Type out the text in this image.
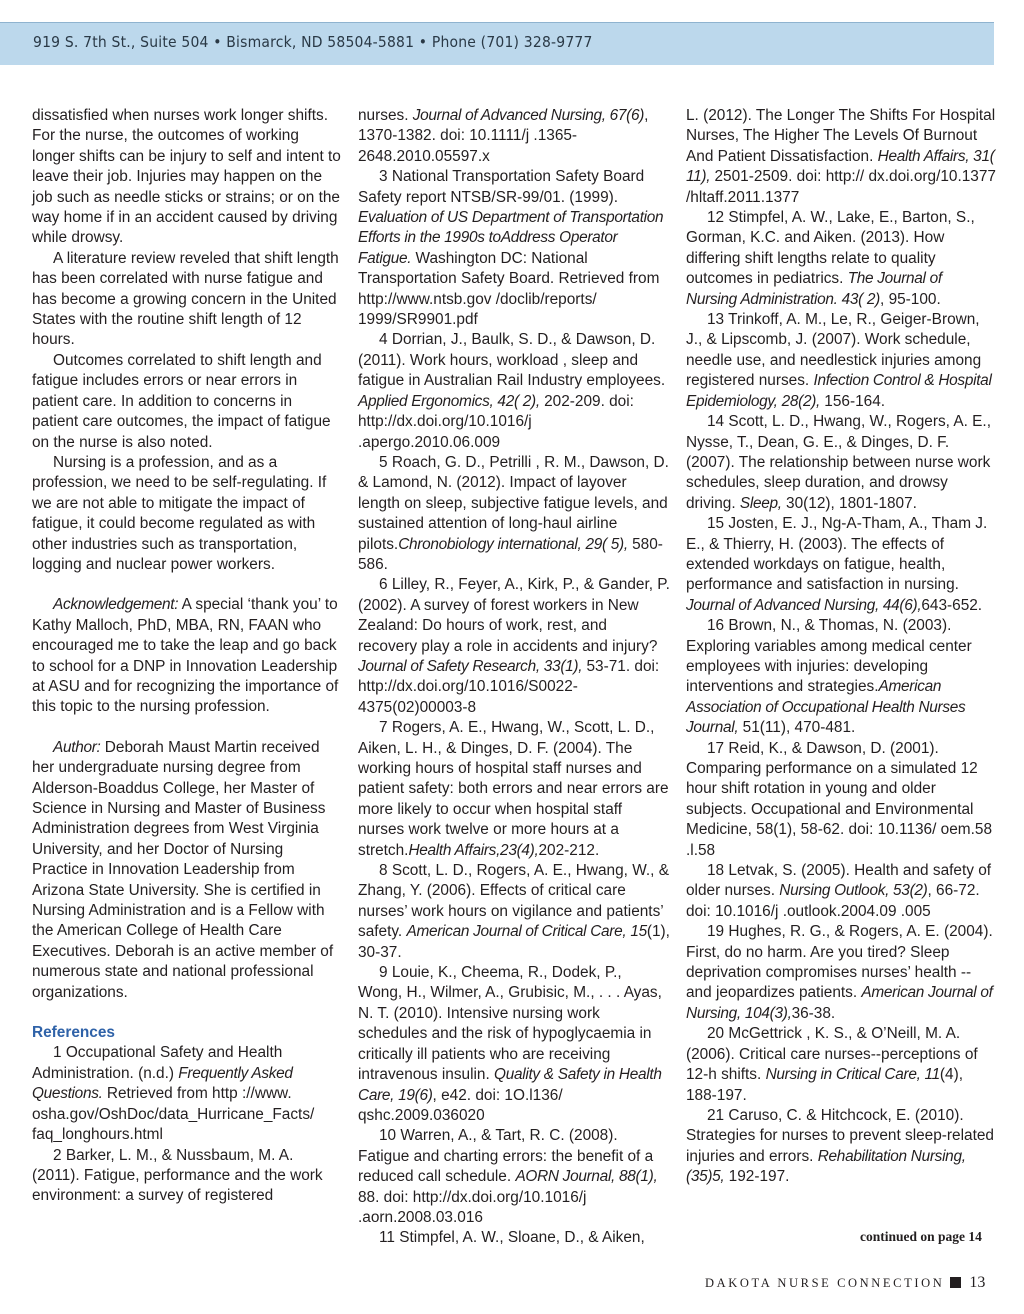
919 S. 7th St., Suite 504 • Bismarck, ND 58504-5881 • Phone (701) 328-9777

dissatisfied when nurses work longer shifts. For the nurse, the outcomes of working longer shifts can be injury to self and intent to leave their job. Injuries may happen on the job such as needle sticks or strains; or on the way home if in an accident caused by driving while drowsy.

A literature review reveled that shift length has been correlated with nurse fatigue and has become a growing concern in the United States with the routine shift length of 12 hours.

Outcomes correlated to shift length and fatigue includes errors or near errors in patient care. In addition to concerns in patient care outcomes, the impact of fatigue on the nurse is also noted.

Nursing is a profession, and as a profession, we need to be self-regulating. If we are not able to mitigate the impact of fatigue, it could become regulated as with other industries such as transportation, logging and nuclear power workers.

Acknowledgement: A special ‘thank you’ to Kathy Malloch, PhD, MBA, RN, FAAN who encouraged me to take the leap and go back to school for a DNP in Innovation Leadership at ASU and for recognizing the importance of this topic to the nursing profession.

Author: Deborah Maust Martin received her undergraduate nursing degree from Alderson-Boaddus College, her Master of Science in Nursing and Master of Business Administration degrees from West Virginia University, and her Doctor of Nursing Practice in Innovation Leadership from Arizona State University. She is certified in Nursing Administration and is a Fellow with the American College of Health Care Executives. Deborah is an active member of numerous state and national professional organizations.

References

1 Occupational Safety and Health Administration. (n.d.) Frequently Asked Questions. Retrieved from http ://www. osha.gov/OshDoc/data_Hurricane_Facts/ faq_longhours.html

2 Barker, L. M., & Nussbaum, M. A. (2011). Fatigue, performance and the work environment: a survey of registered

nurses. Journal of Advanced Nursing, 67(6), 1370-1382. doi: 10.1111/j .1365-2648.2010.05597.x

3 National Transportation Safety Board Safety report NTSB/SR-99/01. (1999). Evaluation of US Department of Transportation Efforts in the 1990s toAddress Operator Fatigue. Washington DC: National Transportation Safety Board. Retrieved from http://www.ntsb.gov /doclib/reports/ 1999/SR9901.pdf

4 Dorrian, J., Baulk, S. D., & Dawson, D. (2011). Work hours, workload , sleep and fatigue in Australian Rail Industry employees. Applied Ergonomics, 42( 2), 202-209. doi: http://dx.doi.org/10.1016/j .apergo.2010.06.009

5 Roach, G. D., Petrilli , R. M., Dawson, D. & Lamond, N. (2012). Impact of layover length on sleep, subjective fatigue levels, and sustained attention of long-haul airline pilots.Chronobiology international, 29( 5), 580-586.

6 Lilley, R., Feyer, A., Kirk, P., & Gander, P. (2002). A survey of forest workers in New Zealand: Do hours of work, rest, and recovery play a role in accidents and injury? Journal of Safety Research, 33(1), 53-71. doi: http://dx.doi.org/10.1016/S0022-4375(02)00003-8

7 Rogers, A. E., Hwang, W., Scott, L. D., Aiken, L. H., & Dinges, D. F. (2004). The working hours of hospital staff nurses and patient safety: both errors and near errors are more likely to occur when hospital staff nurses work twelve or more hours at a stretch.Health Affairs,23(4),202-212.

8 Scott, L. D., Rogers, A. E., Hwang, W., & Zhang, Y. (2006). Effects of critical care nurses’ work hours on vigilance and patients’ safety. American Journal of Critical Care, 15(1), 30-37.

9 Louie, K., Cheema, R., Dodek, P., Wong, H., Wilmer, A., Grubisic, M., . . . Ayas, N. T. (2010). Intensive nursing work schedules and the risk of hypoglycaemia in critically ill patients who are receiving intravenous insulin. Quality & Safety in Health Care, 19(6), e42. doi: 1O.l136/ qshc.2009.036020

10 Warren, A., & Tart, R. C. (2008). Fatigue and charting errors: the benefit of a reduced call schedule. AORN Journal, 88(1), 88. doi: http://dx.doi.org/10.1016/j .aorn.2008.03.016

11 Stimpfel, A. W., Sloane, D., & Aiken,

L. (2012). The Longer The Shifts For Hospital Nurses, The Higher The Levels Of Burnout And Patient Dissatisfaction. Health Affairs, 31( 11), 2501-2509. doi: http:// dx.doi.org/10.1377 /hltaff.2011.1377

12 Stimpfel, A. W., Lake, E., Barton, S., Gorman, K.C. and Aiken. (2013). How differing shift lengths relate to quality outcomes in pediatrics. The Journal of Nursing Administration. 43( 2), 95-100.

13 Trinkoff, A. M., Le, R., Geiger-Brown, J., & Lipscomb, J. (2007). Work schedule, needle use, and needlestick injuries among registered nurses. Infection Control & Hospital Epidemiology, 28(2), 156-164.

14 Scott, L. D., Hwang, W., Rogers, A. E., Nysse, T., Dean, G. E., & Dinges, D. F. (2007). The relationship between nurse work schedules, sleep duration, and drowsy driving. Sleep, 30(12), 1801-1807.

15 Josten, E. J., Ng-A-Tham, A., Tham J. E., & Thierry, H. (2003). The effects of extended workdays on fatigue, health, performance and satisfaction in nursing. Journal of Advanced Nursing, 44(6),643-652.

16 Brown, N., & Thomas, N. (2003). Exploring variables among medical center employees with injuries: developing interventions and strategies.American Association of Occupational Health Nurses Journal, 51(11), 470-481.

17 Reid, K., & Dawson, D. (2001). Comparing performance on a simulated 12 hour shift rotation in young and older subjects. Occupational and Environmental Medicine, 58(1), 58-62. doi: 10.1136/ oem.58 .l.58

18 Letvak, S. (2005). Health and safety of older nurses. Nursing Outlook, 53(2), 66-72. doi: 10.1016/j .outlook.2004.09 .005

19 Hughes, R. G., & Rogers, A. E. (2004). First, do no harm. Are you tired? Sleep deprivation compromises nurses’ health -- and jeopardizes patients. American Journal of Nursing, 104(3),36-38.

20 McGettrick , K. S., & O’Neill, M. A. (2006). Critical care nurses--perceptions of 12-h shifts. Nursing in Critical Care, 11(4), 188-197.

21 Caruso, C. & Hitchcock, E. (2010). Strategies for nurses to prevent sleep-related injuries and errors. Rehabilitation Nursing, (35)5, 192-197.

continued on page 14
DAKOTA NURSE CONNECTION 13
